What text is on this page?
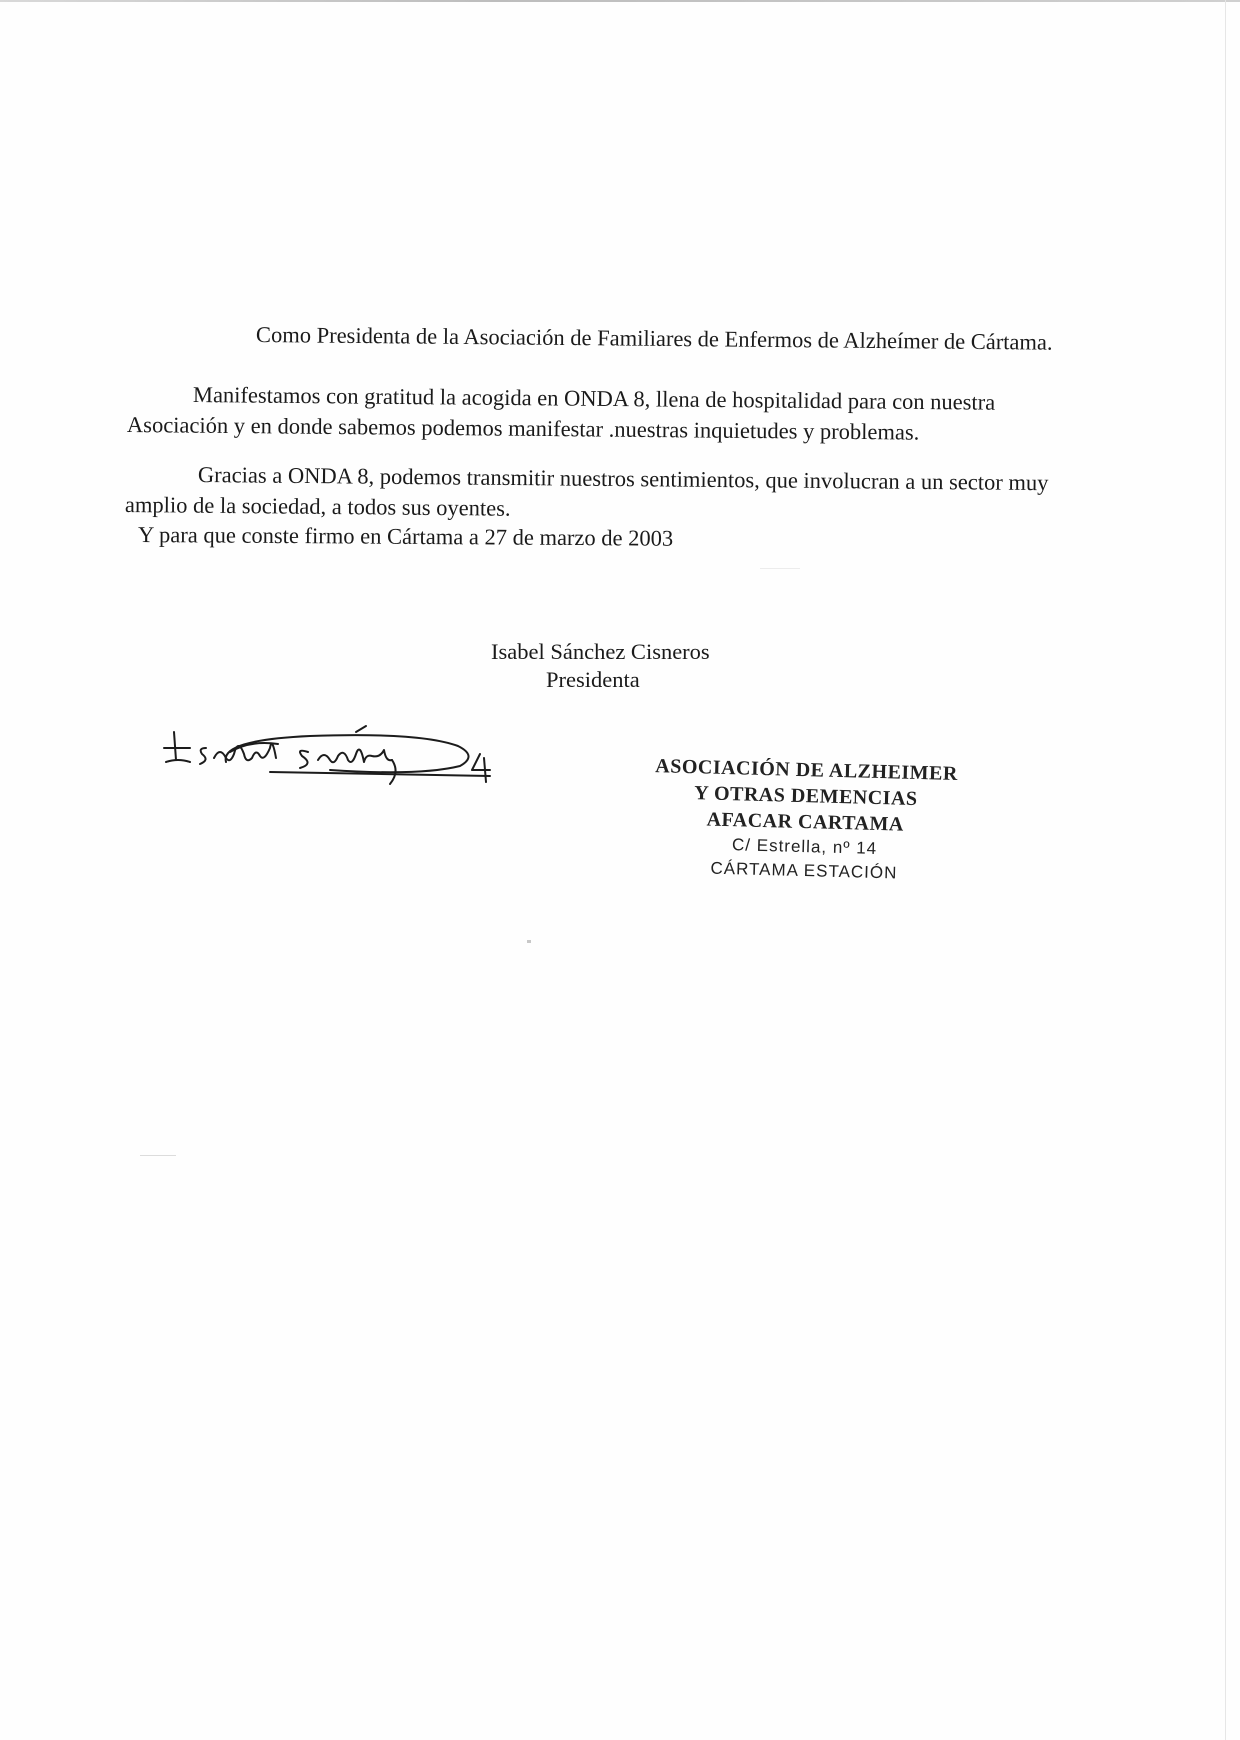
Como Presidenta de la Asociación de Familiares de Enfermos de Alzheímer de Cártama.
Manifestamos con gratitud la acogida en ONDA 8, llena de hospitalidad para con nuestra
Asociación y en donde sabemos podemos manifestar .nuestras inquietudes y problemas.
Gracias a ONDA 8, podemos transmitir nuestros sentimientos, que involucran a un sector muy
amplio de la sociedad, a todos sus oyentes.
Y para que conste firmo en Cártama a 27 de marzo de 2003
Isabel Sánchez Cisneros
Presidenta
ASOCIACIÓN DE ALZHEIMER
Y OTRAS DEMENCIAS
AFACAR CARTAMA
C/ Estrella, nº 14
CÁRTAMA ESTACIÓN
